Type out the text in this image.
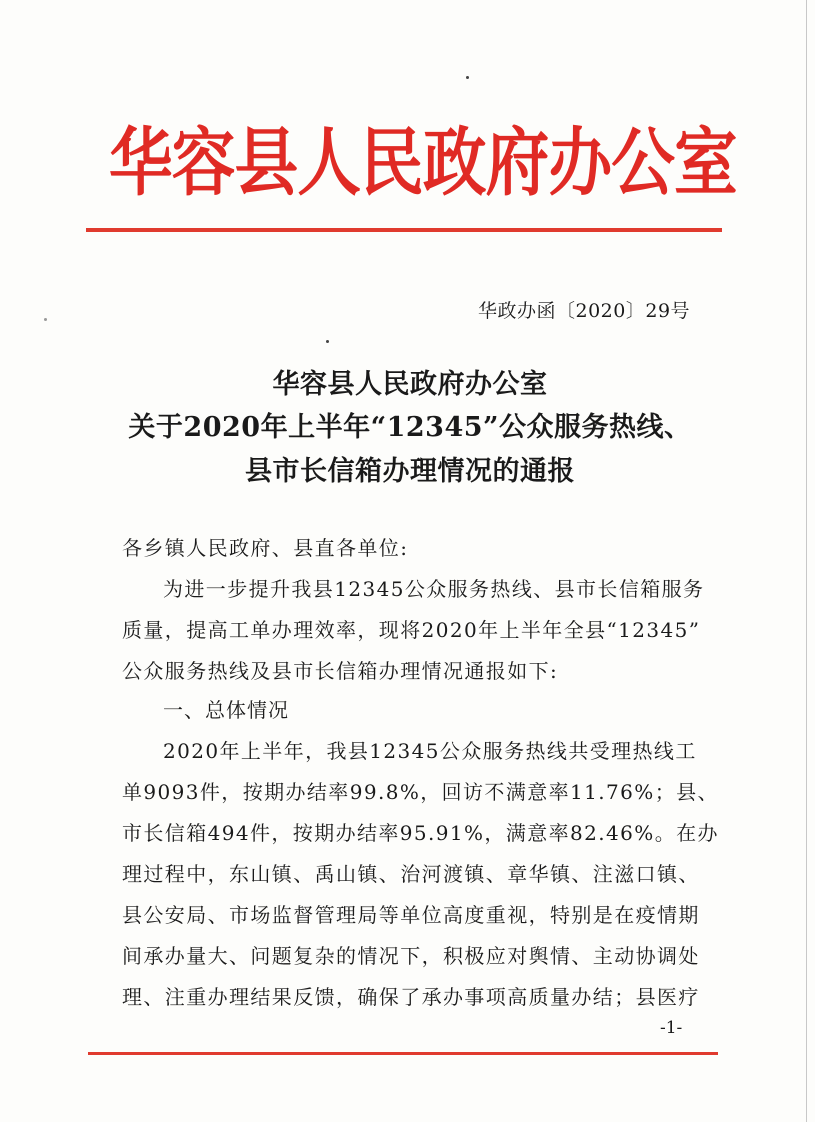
华容县人民政府办公室
华政办函〔2020〕29号
华容县人民政府办公室
关于2020年上半年“12345”公众服务热线、
县市长信箱办理情况的通报
各乡镇人民政府、县直各单位:
为进一步提升我县12345公众服务热线、县市长信箱服务
质量，提高工单办理效率，现将2020年上半年全县“12345”
公众服务热线及县市长信箱办理情况通报如下:
一、总体情况
2020年上半年，我县12345公众服务热线共受理热线工
单9093件，按期办结率99.8%，回访不满意率11.76%；县、
市长信箱494件，按期办结率95.91%，满意率82.46%。在办
理过程中，东山镇、禹山镇、治河渡镇、章华镇、注滋口镇、
县公安局、市场监督管理局等单位高度重视，特别是在疫情期
间承办量大、问题复杂的情况下，积极应对舆情、主动协调处
理、注重办理结果反馈，确保了承办事项高质量办结；县医疗
-1-
